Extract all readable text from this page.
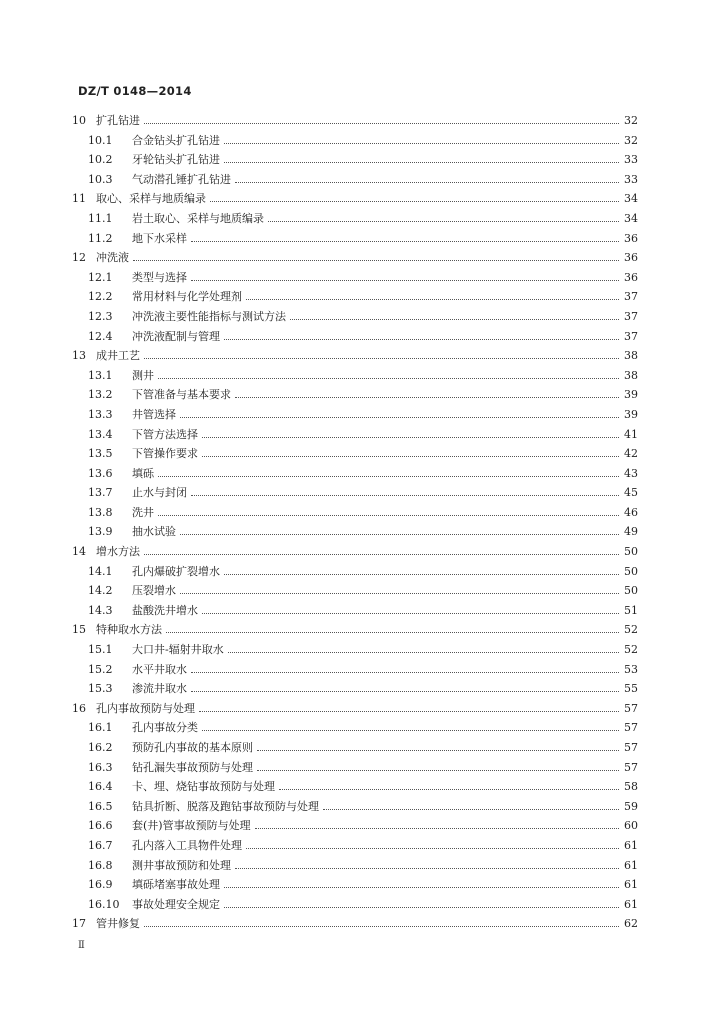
DZ/T 0148—2014
10 扩孔钻进	32
10.1	合金钻头扩孔钻进	32
10.2	牙轮钻头扩孔钻进	33
10.3	气动潜孔锤扩孔钻进	33
11 取心、采样与地质编录	34
11.1	岩土取心、采样与地质编录	34
11.2	地下水采样	36
12 冲洗液	36
12.1	类型与选择	36
12.2	常用材料与化学处理剂	37
12.3	冲洗液主要性能指标与测试方法	37
12.4	冲洗液配制与管理	37
13 成井工艺	38
13.1	测井	38
13.2	下管准备与基本要求	39
13.3	井管选择	39
13.4	下管方法选择	41
13.5	下管操作要求	42
13.6	填砾	43
13.7	止水与封闭	45
13.8	洗井	46
13.9	抽水试验	49
14 增水方法	50
14.1	孔内爆破扩裂增水	50
14.2	压裂增水	50
14.3	盐酸洗井增水	51
15 特种取水方法	52
15.1	大口井-辐射井取水	52
15.2	水平井取水	53
15.3	渗流井取水	55
16 孔内事故预防与处理	57
16.1	孔内事故分类	57
16.2	预防孔内事故的基本原则	57
16.3	钻孔漏失事故预防与处理	57
16.4	卡、埋、烧钻事故预防与处理	58
16.5	钻具折断、脱落及跑钻事故预防与处理	59
16.6	套(井)管事故预防与处理	60
16.7	孔内落入工具物件处理	61
16.8	测井事故预防和处理	61
16.9	填砾堵塞事故处理	61
16.10	事故处理安全规定	61
17 管井修复	62
Ⅱ
